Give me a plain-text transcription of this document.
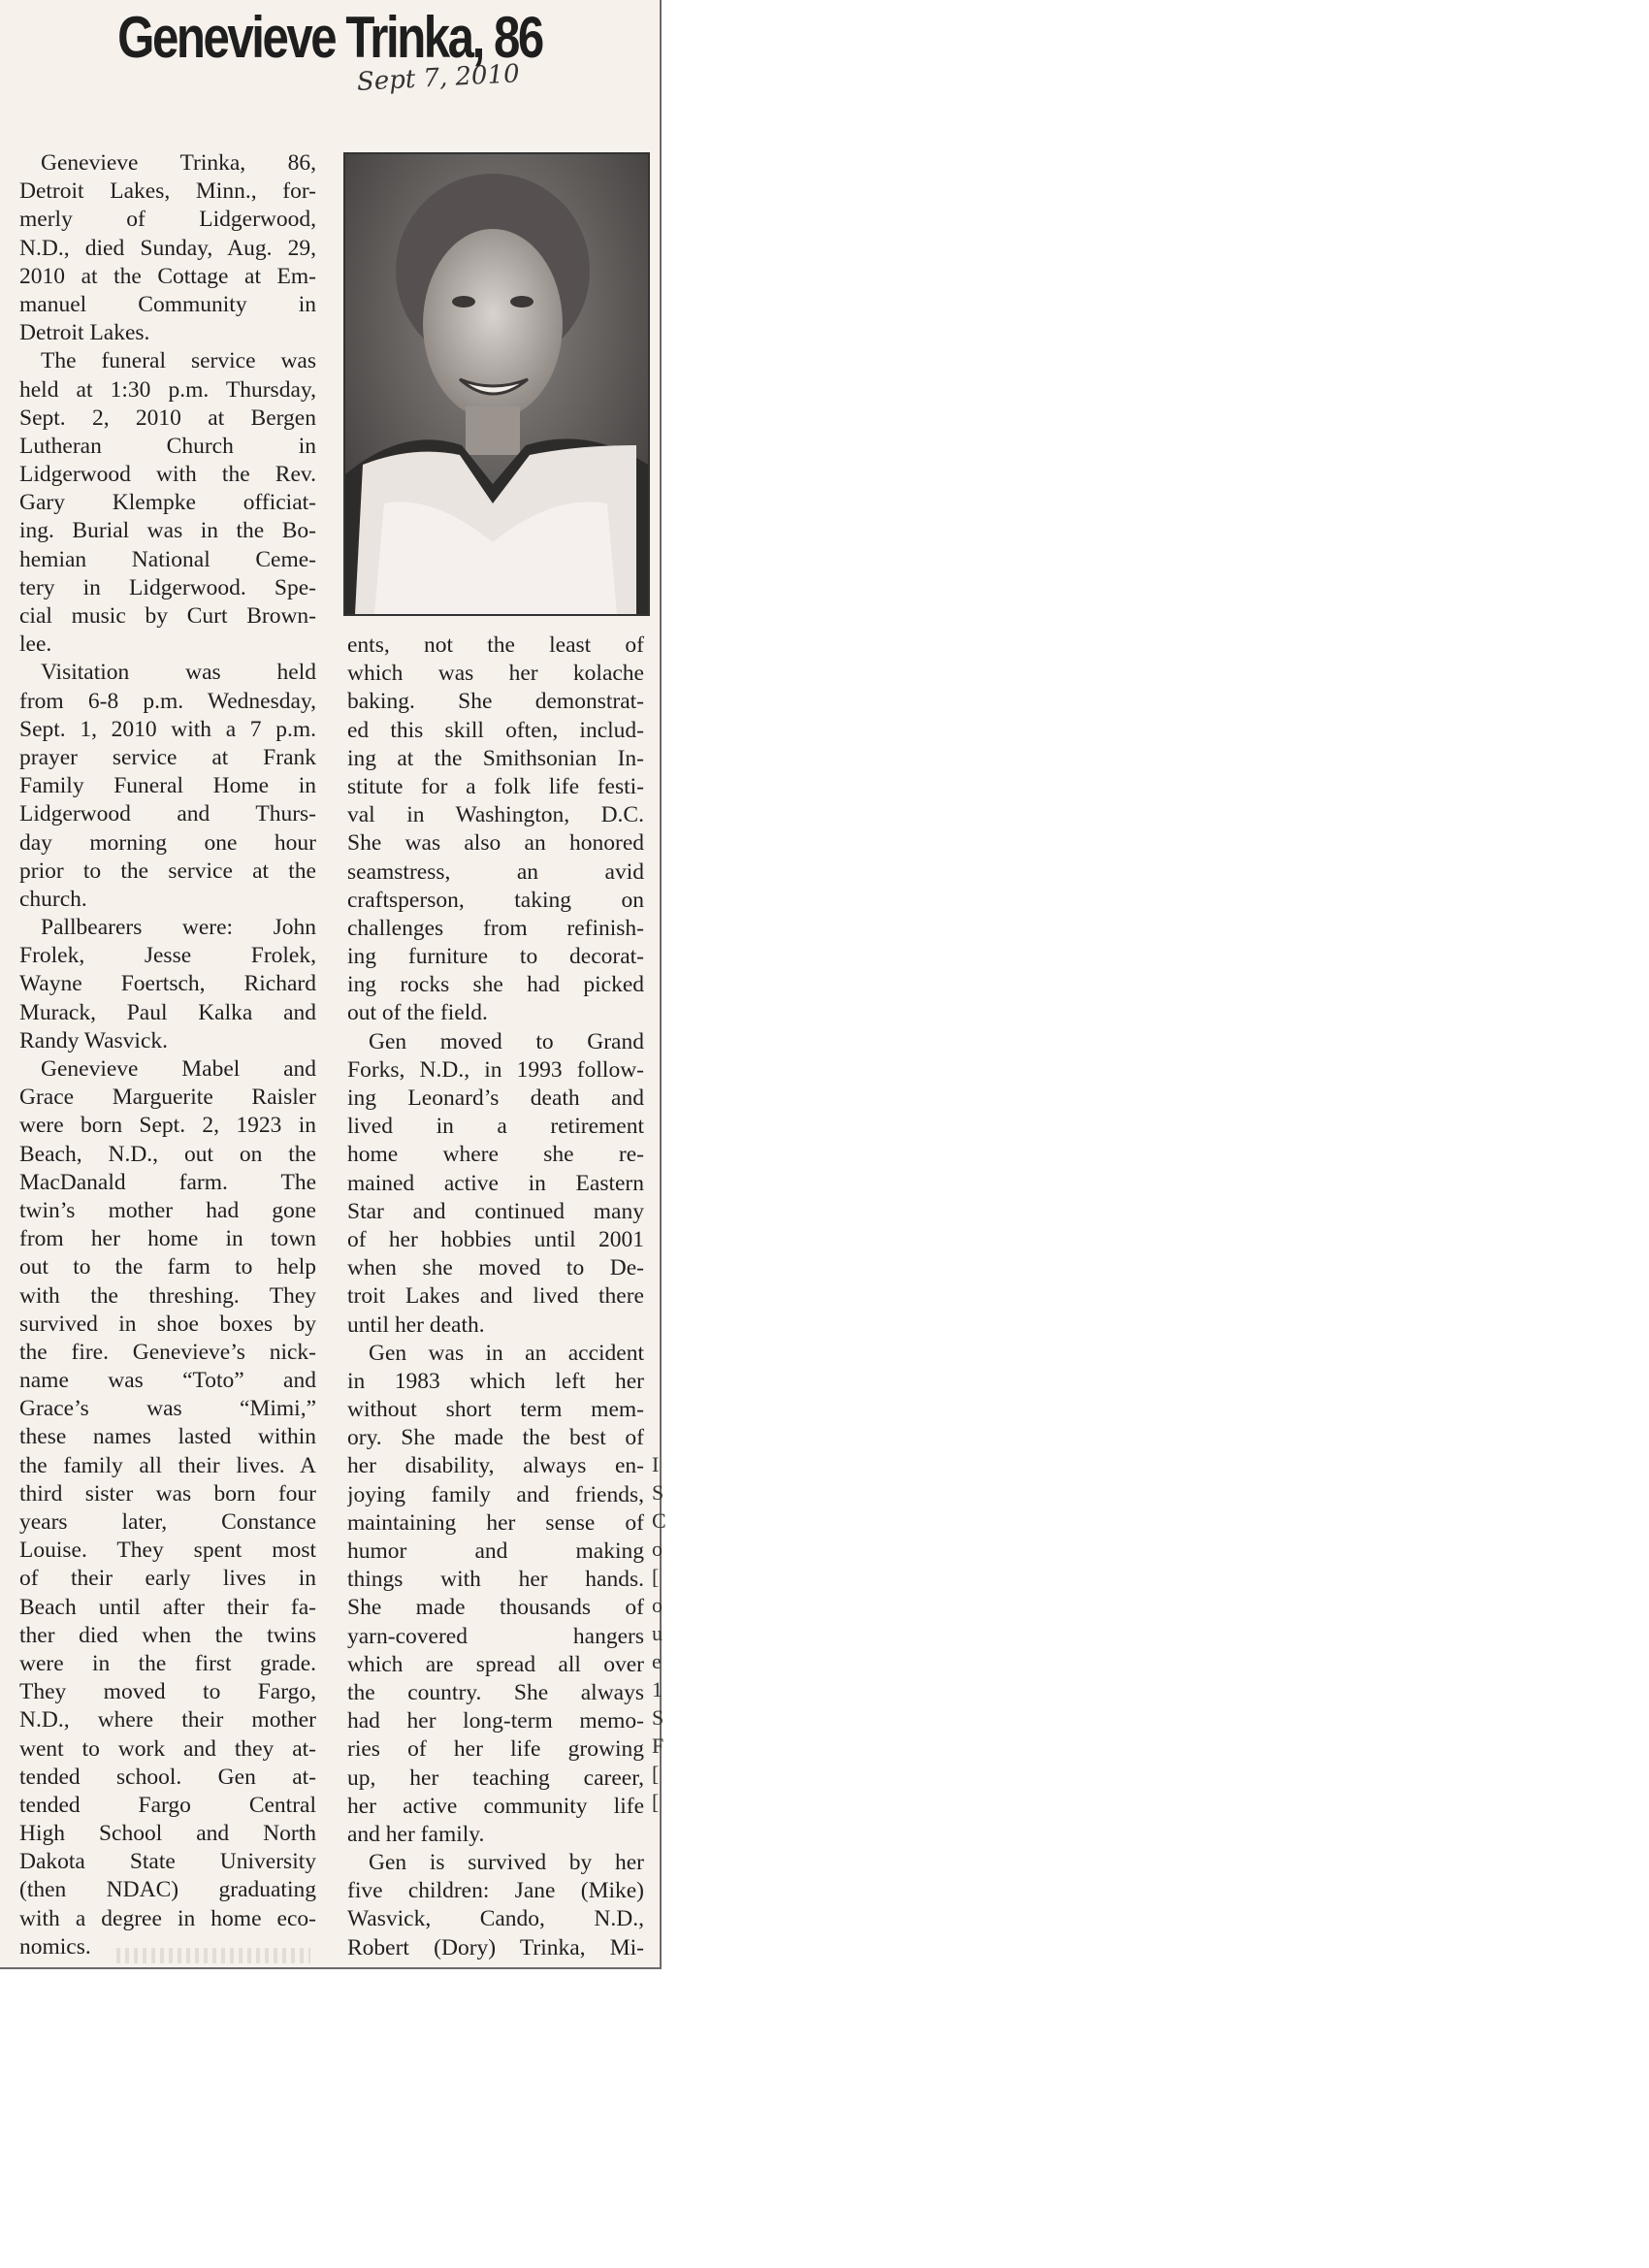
Genevieve Trinka, 86
Sept 7, 2010
Genevieve Trinka, 86,
Detroit Lakes, Minn., for-
merly of Lidgerwood,
N.D., died Sunday, Aug. 29,
2010 at the Cottage at Em-
manuel Community in
Detroit Lakes.
The funeral service was
held at 1:30 p.m. Thursday,
Sept. 2, 2010 at Bergen
Lutheran Church in
Lidgerwood with the Rev.
Gary Klempke officiat-
ing. Burial was in the Bo-
hemian National Ceme-
tery in Lidgerwood. Spe-
cial music by Curt Brown-
lee.
Visitation was held
from 6-8 p.m. Wednesday,
Sept. 1, 2010 with a 7 p.m.
prayer service at Frank
Family Funeral Home in
Lidgerwood and Thurs-
day morning one hour
prior to the service at the
church.
Pallbearers were: John
Frolek, Jesse Frolek,
Wayne Foertsch, Richard
Murack, Paul Kalka and
Randy Wasvick.
Genevieve Mabel and
Grace Marguerite Raisler
were born Sept. 2, 1923 in
Beach, N.D., out on the
MacDanald farm. The
twin’s mother had gone
from her home in town
out to the farm to help
with the threshing. They
survived in shoe boxes by
the fire. Genevieve’s nick-
name was “Toto” and
Grace’s was “Mimi,”
these names lasted within
the family all their lives. A
third sister was born four
years later, Constance
Louise. They spent most
of their early lives in
Beach until after their fa-
ther died when the twins
were in the first grade.
They moved to Fargo,
N.D., where their mother
went to work and they at-
tended school. Gen at-
tended Fargo Central
High School and North
Dakota State University
(then NDAC) graduating
with a degree in home eco-
nomics.
ents, not the least of
which was her kolache
baking. She demonstrat-
ed this skill often, includ-
ing at the Smithsonian In-
stitute for a folk life festi-
val in Washington, D.C.
She was also an honored
seamstress, an avid
craftsperson, taking on
challenges from refinish-
ing furniture to decorat-
ing rocks she had picked
out of the field.
Gen moved to Grand
Forks, N.D., in 1993 follow-
ing Leonard’s death and
lived in a retirement
home where she re-
mained active in Eastern
Star and continued many
of her hobbies until 2001
when she moved to De-
troit Lakes and lived there
until her death.
Gen was in an accident
in 1983 which left her
without short term mem-
ory. She made the best of
her disability, always en-
joying family and friends,
maintaining her sense of
humor and making
things with her hands.
She made thousands of
yarn-covered hangers
which are spread all over
the country. She always
had her long-term memo-
ries of her life growing
up, her teaching career,
her active community life
and her family.
Gen is survived by her
five children: Jane (Mike)
Wasvick, Cando, N.D.,
Robert (Dory) Trinka, Mi-
I
S
C
o
[
o
u
e
1
S
F
[
[
